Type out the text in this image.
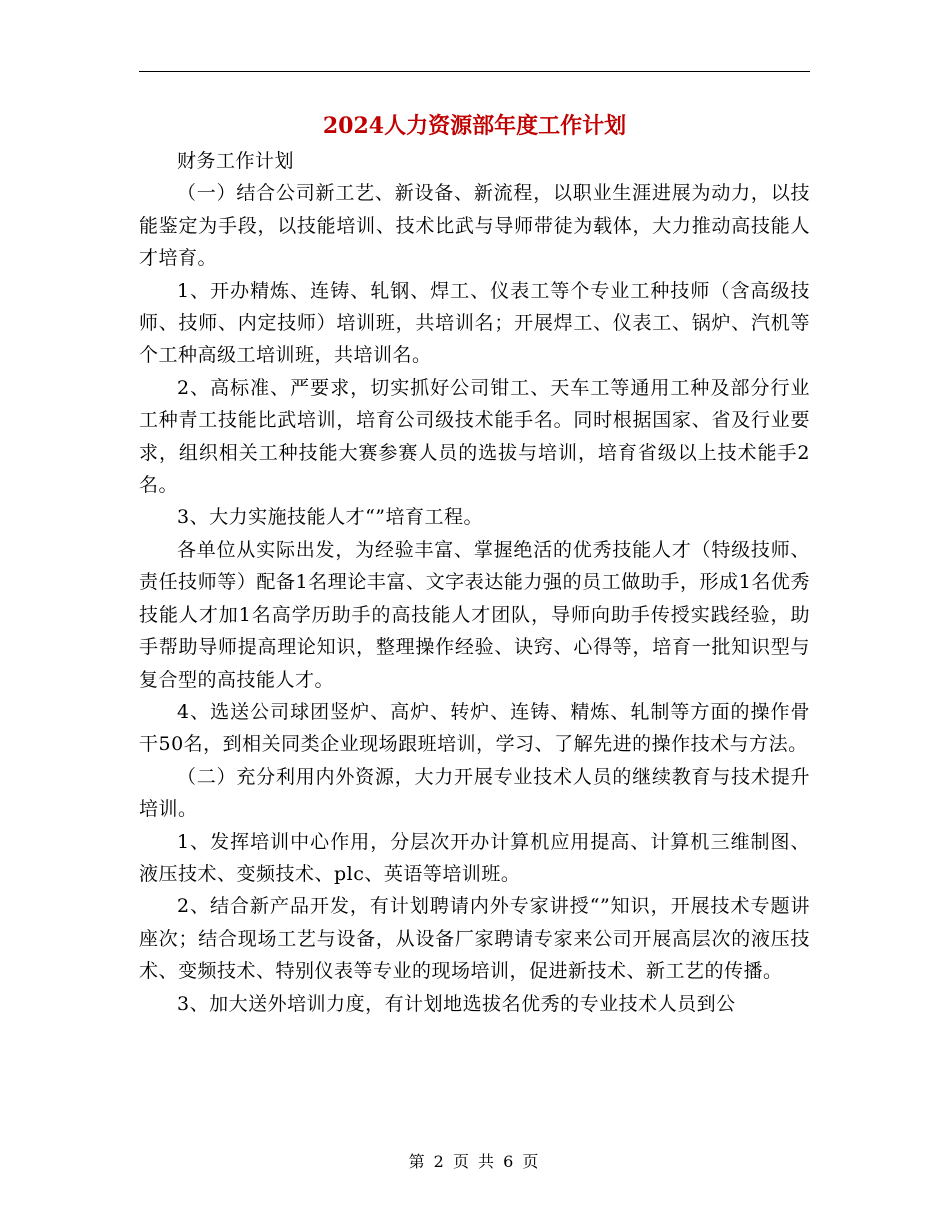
2024人力资源部年度工作计划

财务工作计划

（一）结合公司新工艺、新设备、新流程，以职业生涯进展为动力，以技能鉴定为手段，以技能培训、技术比武与导师带徒为载体，大力推动高技能人才培育。

1、开办精炼、连铸、轧钢、焊工、仪表工等个专业工种技师（含高级技师、技师、内定技师）培训班，共培训名；开展焊工、仪表工、锅炉、汽机等个工种高级工培训班，共培训名。

2、高标准、严要求，切实抓好公司钳工、天车工等通用工种及部分行业工种青工技能比武培训，培育公司级技术能手名。同时根据国家、省及行业要求，组织相关工种技能大赛参赛人员的选拔与培训，培育省级以上技术能手2名。

3、大力实施技能人才“”培育工程。

各单位从实际出发，为经验丰富、掌握绝活的优秀技能人才（特级技师、责任技师等）配备1名理论丰富、文字表达能力强的员工做助手，形成1名优秀技能人才加1名高学历助手的高技能人才团队，导师向助手传授实践经验，助手帮助导师提高理论知识，整理操作经验、诀窍、心得等，培育一批知识型与复合型的高技能人才。

4、选送公司球团竖炉、高炉、转炉、连铸、精炼、轧制等方面的操作骨干50名，到相关同类企业现场跟班培训，学习、了解先进的操作技术与方法。

（二）充分利用内外资源，大力开展专业技术人员的继续教育与技术提升培训。

1、发挥培训中心作用，分层次开办计算机应用提高、计算机三维制图、液压技术、变频技术、plc、英语等培训班。

2、结合新产品开发，有计划聘请内外专家讲授“”知识，开展技术专题讲座次；结合现场工艺与设备，从设备厂家聘请专家来公司开展高层次的液压技术、变频技术、特别仪表等专业的现场培训，促进新技术、新工艺的传播。

3、加大送外培训力度，有计划地选拔名优秀的专业技术人员到公

第 2 页 共 6 页
